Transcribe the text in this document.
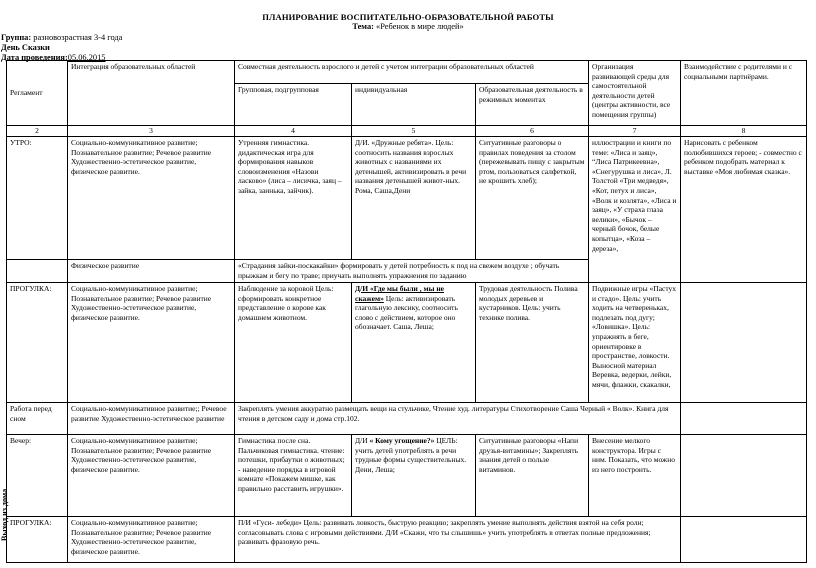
ПЛАНИРОВАНИЕ ВОСПИТАТЕЛЬНО-ОБРАЗОВАТЕЛЬНОЙ РАБОТЫ
Тема: «Ребенок в мире людей»
Группа: разновозрастная 3-4 года
День Сказки
Дата проведения:05.06.2015
Регламент	Интеграция образовательных областей	Совместная деятельность взрослого и детей с учетом интеграции образовательных областей			Организация развивающей среды для самостоятельной деятельности детей (центры активности, все помещения группы)	Взаимодействие с родителями и с социальными партнёрами.
		Групповая, подгрупповая	индивидуальная	Образовательная деятельность в режимных моментах		
2	3	4	5	6	7	8
УТРО:	Социально-коммуникативное развитие; Познавательное развитие; Речевое развитие Художественно-эстетическое развитие, физическое развитие.	Утренняя гимнастика. дидактическая игра для формирования навыков словоизменения «Назови ласково» (лиса – лисичка, заяц – зайка, заинька, зайчик).	Д/И. «Дружные ребята». Цель: соотносить названия взрослых животных с названиями их детенышей, активизировать в речи названия детенышей живот-ных. Рома, Саша,Дени	Ситуативные разговоры о правилах поведения за столом (пережевывать пищу с закрытым ртом, пользоваться салфеткой, не крошить хлеб);	иллюстрации и книги по теме: «Лиса и заяц», “Лиса Патрикеевна», «Снегурушка и лиса», Л. Толстой «Три медведя», «Кот, петух и лиса», «Волк и козлята», «Лиса и заяц», «У страха глаза велики», «Бычок – черный бочок, белые копытца», «Коза – дереза»,	Нарисовать с ребенком полюбившихся героев; - совместно с ребенком подобрать материал к выставке «Моя любимая сказка».
	Физическое развитие	«Страдания зайки-поскакайки» формировать у детей потребность к под на свежем воздухе ; обучать прыжкам и бегу по траве; приучать выполнять упражнения по заданию				
ПРОГУЛКА:	Социально-коммуникативное развитие; Познавательное развитие; Речевое развитие Художественно-эстетическое развитие, физическое развитие.	Наблюдение за коровой Цель: сформировать конкретное представление о корове как домашнем животном.	Д/И «Где мы были , мы не скажем» Цель: активизировать глагольную лексику, соотносить слово с действием, которое оно обозначает. Саша, Леша;	Трудовая деятельность Полива молодых деревьев и кустарников. Цель: учить технике полива.	Подвижные игры «Пастух и стадо». Цель: учить ходить на четвереньках, подлезать под дугу; «Ловишка». Цель: упражнять в беге, ориентировке в пространстве, ловкости. Выносной материал Веревка, ведерки, лейки, мячи, флажки, скакалки,	
Работа перед сном	Социально-коммуникативное развитие;; Речевое развитие Художественно-эстетическое развитие	Закреплять умения аккуратно размещать вещи на стульчике, Чтение худ. литературы Стихотворение Саша Черный « Волк». Книга для чтения в детском саду и дома стр.102.				
Вечер:	Социально-коммуникативное развитие; Познавательное развитие; Речевое развитие Художественно-эстетическое развитие, физическое развитие.	Гимнастика после сна. Пальчиковая гимнастика. чтение: потешки, прибаутки о животных; - наведение порядка в игровой комнате «Покажем мишке, как правильно расставить игрушки».	Д/И « Кому угощение?» ЦЕЛЬ: учить детей употреблять в речи трудные формы существительных. Дени, Леша;	Ситуативные разговоры «Напи друзья-витамины»; Закреплять знания детей о пользе витаминов.	Внесение мелкого конструктора. Игры с ним. Показать, что можно из него построить.	
ПРОГУЛКА:	Социально-коммуникативное развитие; Познавательное развитие; Речевое развитие Художественно-эстетическое развитие, физическое развитие.	П/И «Гуси- лебеди» Цель: развивать ловкость, быструю реакцию; закреплять умение выполнять действия взятой на себя роли; согласовывать слова с игровыми действиями. Д/И «Скажи, что ты слышишь» учить употреблять в ответах полные предложения; развивать фразовую речь.				
Выход из дома
